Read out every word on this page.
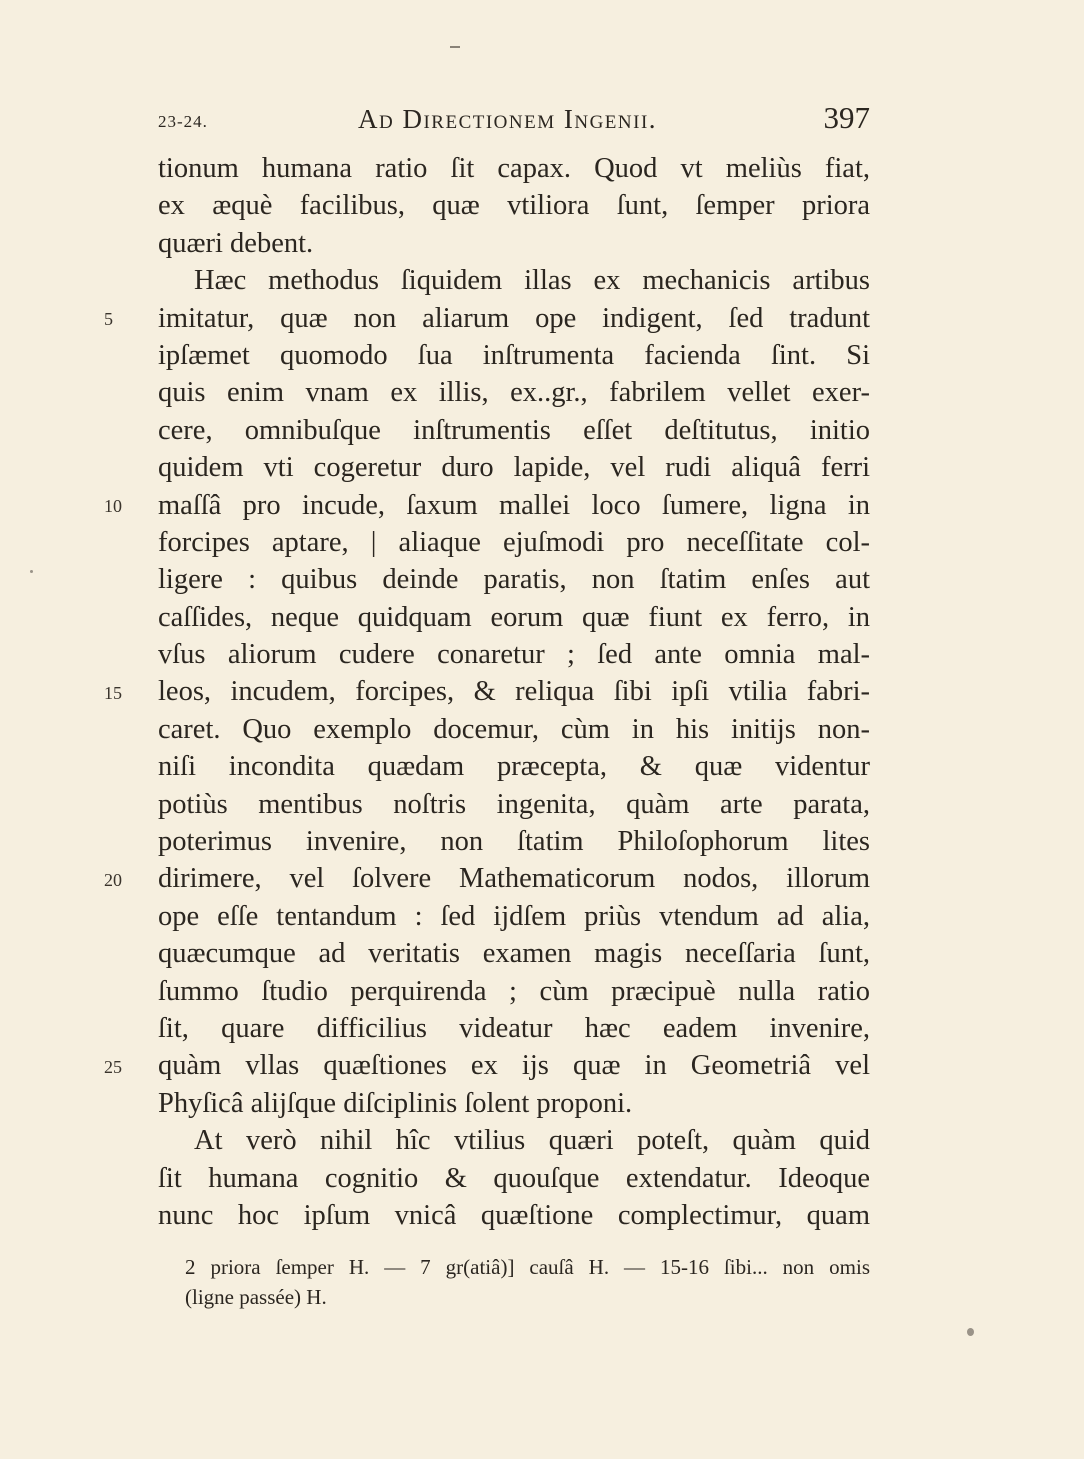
23-24.	Ad Directionem Ingenii.	397
5
10
15
20
25
tionum humana ratio ſit capax. Quod vt meliùs fiat,
ex æquè facilibus, quæ vtiliora ſunt, ſemper priora
quæri debent.
Hæc methodus ſiquidem illas ex mechanicis artibus
imitatur, quæ non aliarum ope indigent, ſed tradunt
ipſæmet quomodo ſua inſtrumenta facienda ſint. Si
quis enim vnam ex illis, ex..gr., fabrilem vellet exer-
cere, omnibuſque inſtrumentis eſſet deſtitutus, initio
quidem vti cogeretur duro lapide, vel rudi aliquâ ferri
maſſâ pro incude, ſaxum mallei loco ſumere, ligna in
forcipes aptare, | aliaque ejuſmodi pro neceſſitate col-
ligere : quibus deinde paratis, non ſtatim enſes aut
caſſides, neque quidquam eorum quæ fiunt ex ferro, in
vſus aliorum cudere conaretur ; ſed ante omnia mal-
leos, incudem, forcipes, & reliqua ſibi ipſi vtilia fabri-
caret. Quo exemplo docemur, cùm in his initijs non-
niſi incondita quædam præcepta, & quæ videntur
potiùs mentibus noſtris ingenita, quàm arte parata,
poterimus invenire, non ſtatim Philoſophorum lites
dirimere, vel ſolvere Mathematicorum nodos, illorum
ope eſſe tentandum : ſed ijdſem priùs vtendum ad alia,
quæcumque ad veritatis examen magis neceſſaria ſunt,
ſummo ſtudio perquirenda ; cùm præcipuè nulla ratio
ſit, quare difficilius videatur hæc eadem invenire,
quàm vllas quæſtiones ex ijs quæ in Geometriâ vel
Phyſicâ alijſque diſciplinis ſolent proponi.
At verò nihil hîc vtilius quæri poteſt, quàm quid
ſit humana cognitio & quouſque extendatur. Ideoque
nunc hoc ipſum vnicâ quæſtione complectimur, quam
2 priora ſemper H. — 7 gr(atiâ)] cauſâ H. — 15-16 ſibi... non omis
(ligne passée) H.
